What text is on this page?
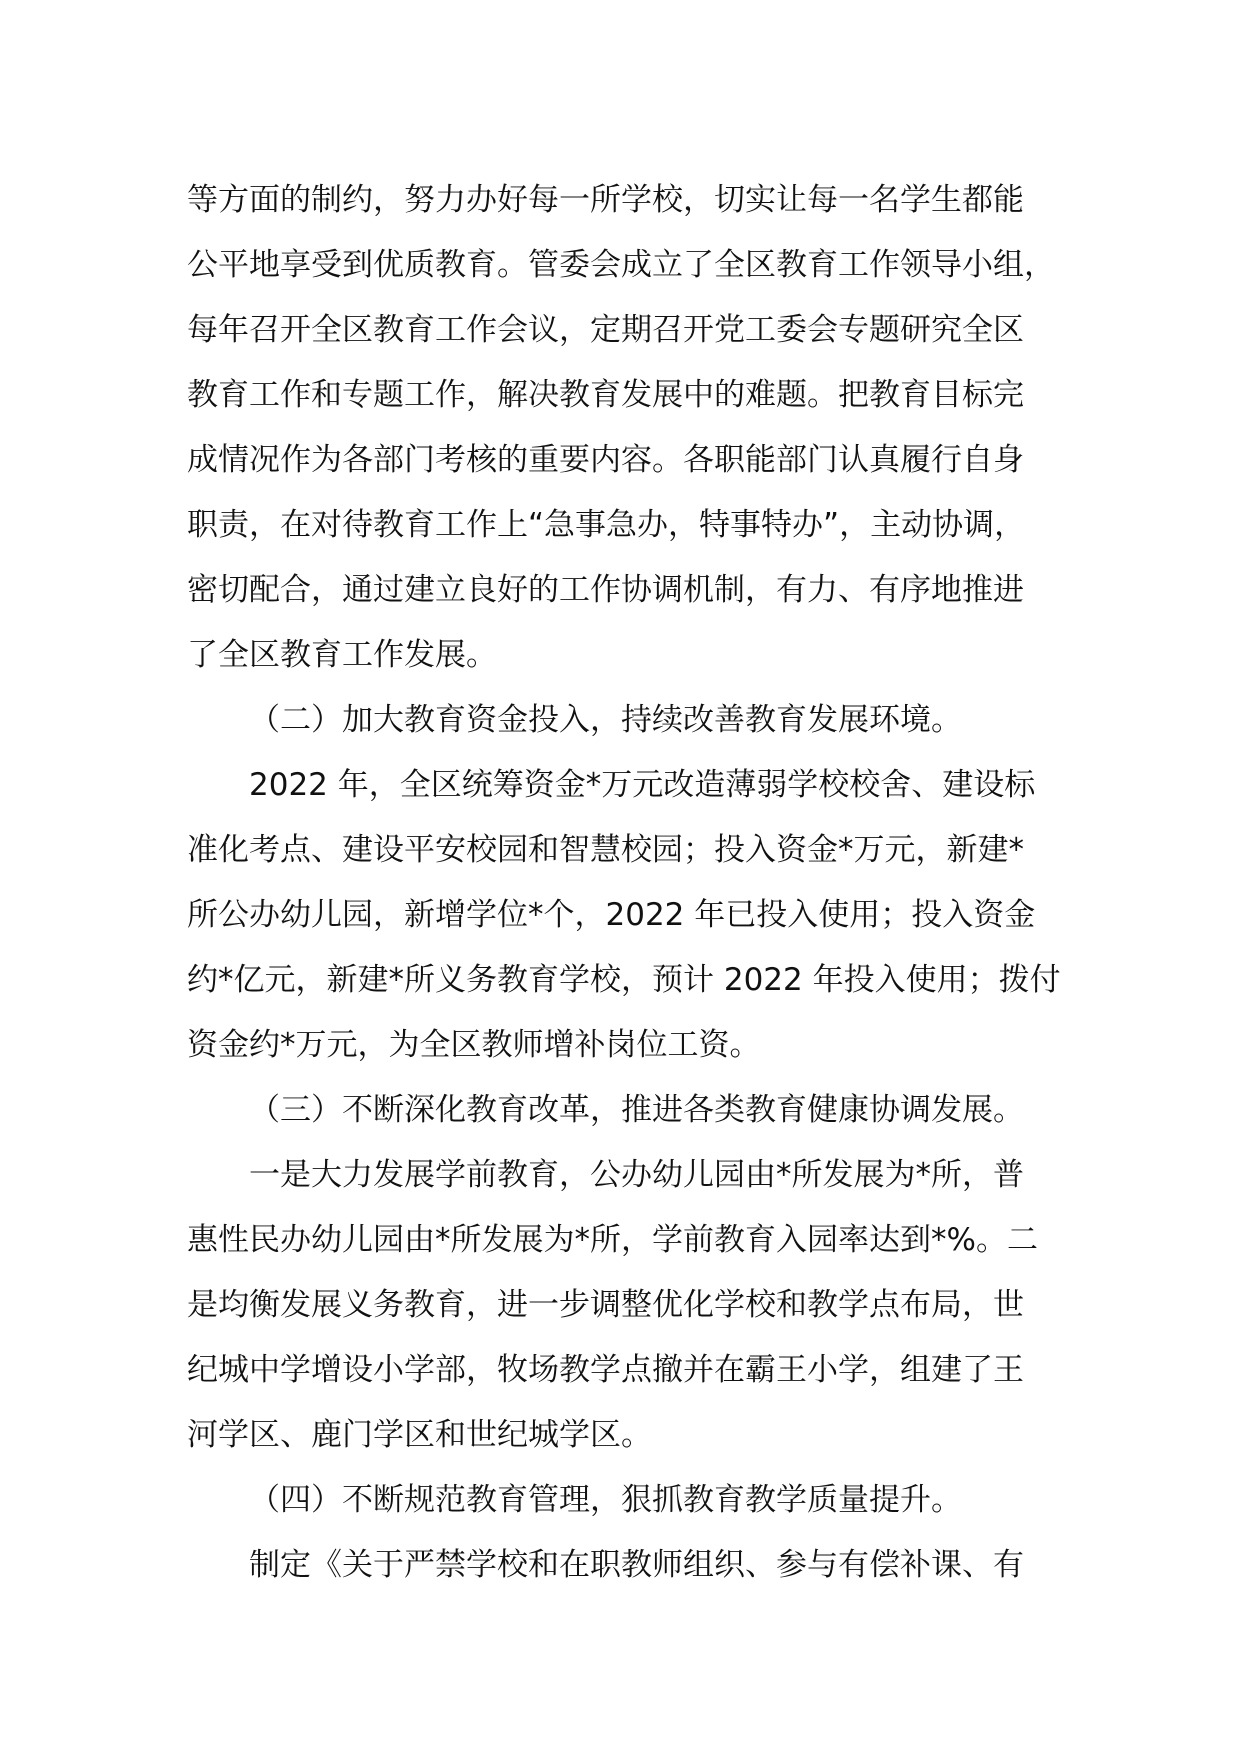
等方面的制约，努力办好每一所学校，切实让每一名学生都能
公平地享受到优质教育。管委会成立了全区教育工作领导小组，
每年召开全区教育工作会议，定期召开党工委会专题研究全区
教育工作和专题工作，解决教育发展中的难题。把教育目标完
成情况作为各部门考核的重要内容。各职能部门认真履行自身
职责，在对待教育工作上“急事急办，特事特办”，主动协调，
密切配合，通过建立良好的工作协调机制，有力、有序地推进
了全区教育工作发展。
（二）加大教育资金投入，持续改善教育发展环境。
2022 年，全区统筹资金*万元改造薄弱学校校舍、建设标
准化考点、建设平安校园和智慧校园；投入资金*万元，新建*
所公办幼儿园，新增学位*个，2022 年已投入使用；投入资金
约*亿元，新建*所义务教育学校，预计 2022 年投入使用；拨付
资金约*万元，为全区教师增补岗位工资。
（三）不断深化教育改革，推进各类教育健康协调发展。
一是大力发展学前教育，公办幼儿园由*所发展为*所，普
惠性民办幼儿园由*所发展为*所，学前教育入园率达到*%。二
是均衡发展义务教育，进一步调整优化学校和教学点布局，世
纪城中学增设小学部，牧场教学点撤并在霸王小学，组建了王
河学区、鹿门学区和世纪城学区。
（四）不断规范教育管理，狠抓教育教学质量提升。
制定《关于严禁学校和在职教师组织、参与有偿补课、有
